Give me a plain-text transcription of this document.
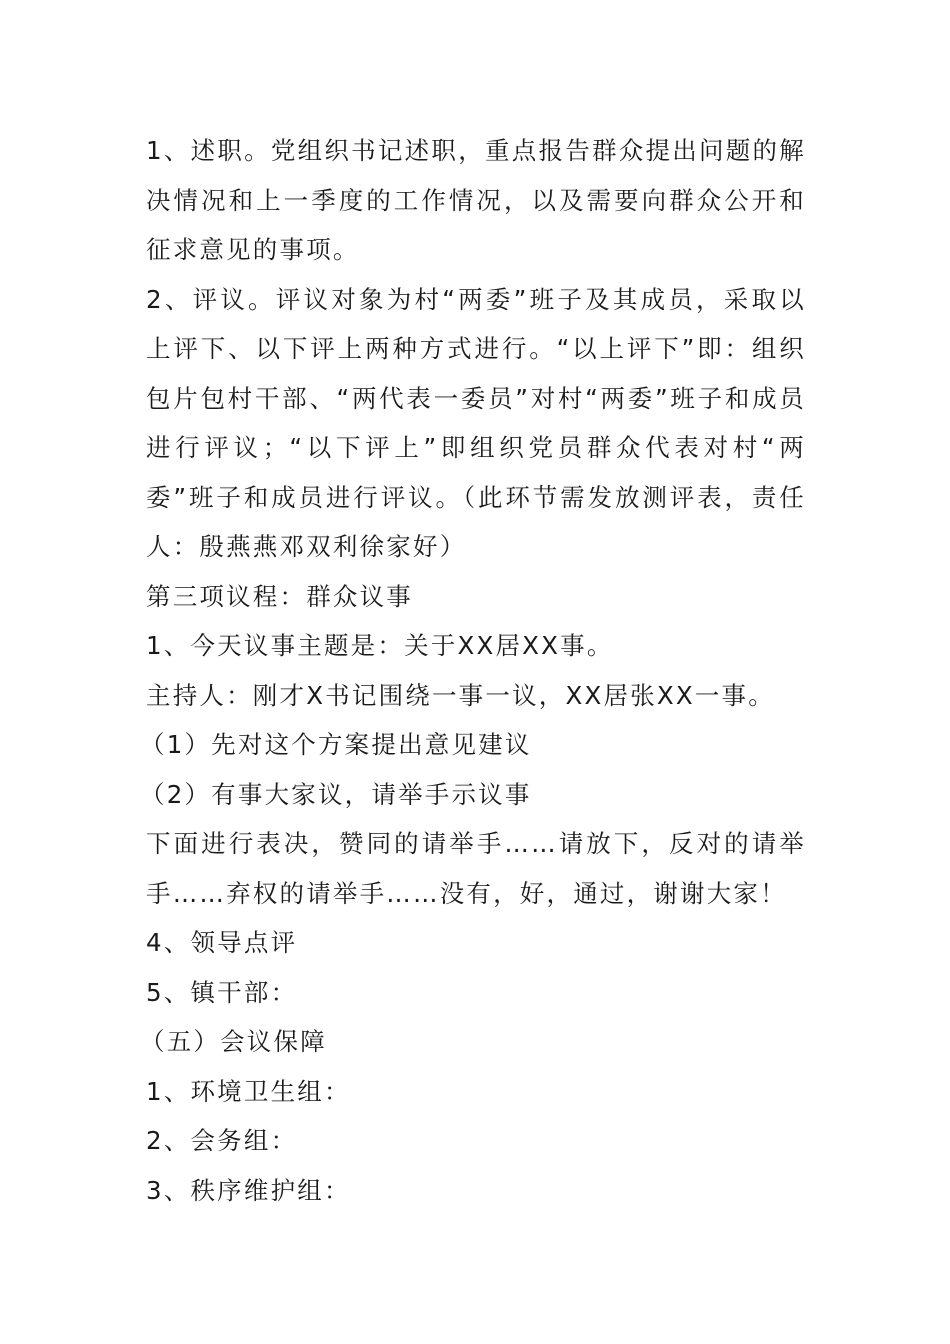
1、述职。党组织书记述职，重点报告群众提出问题的解决情况和上一季度的工作情况，以及需要向群众公开和征求意见的事项。

2、评议。评议对象为村“两委”班子及其成员，采取以上评下、以下评上两种方式进行。“以上评下”即：组织包片包村干部、“两代表一委员”对村“两委”班子和成员进行评议；“以下评上”即组织党员群众代表对村“两委”班子和成员进行评议。（此环节需发放测评表，责任人：殷燕燕邓双利徐家好）

第三项议程：群众议事

1、今天议事主题是：关于XX居XX事。

主持人：刚才X书记围绕一事一议，XX居张XX一事。

（1）先对这个方案提出意见建议

（2）有事大家议，请举手示议事

下面进行表决，赞同的请举手……请放下，反对的请举手……弃权的请举手……没有，好，通过，谢谢大家！

4、领导点评

5、镇干部：

（五）会议保障

1、环境卫生组：

2、会务组：

3、秩序维护组：
